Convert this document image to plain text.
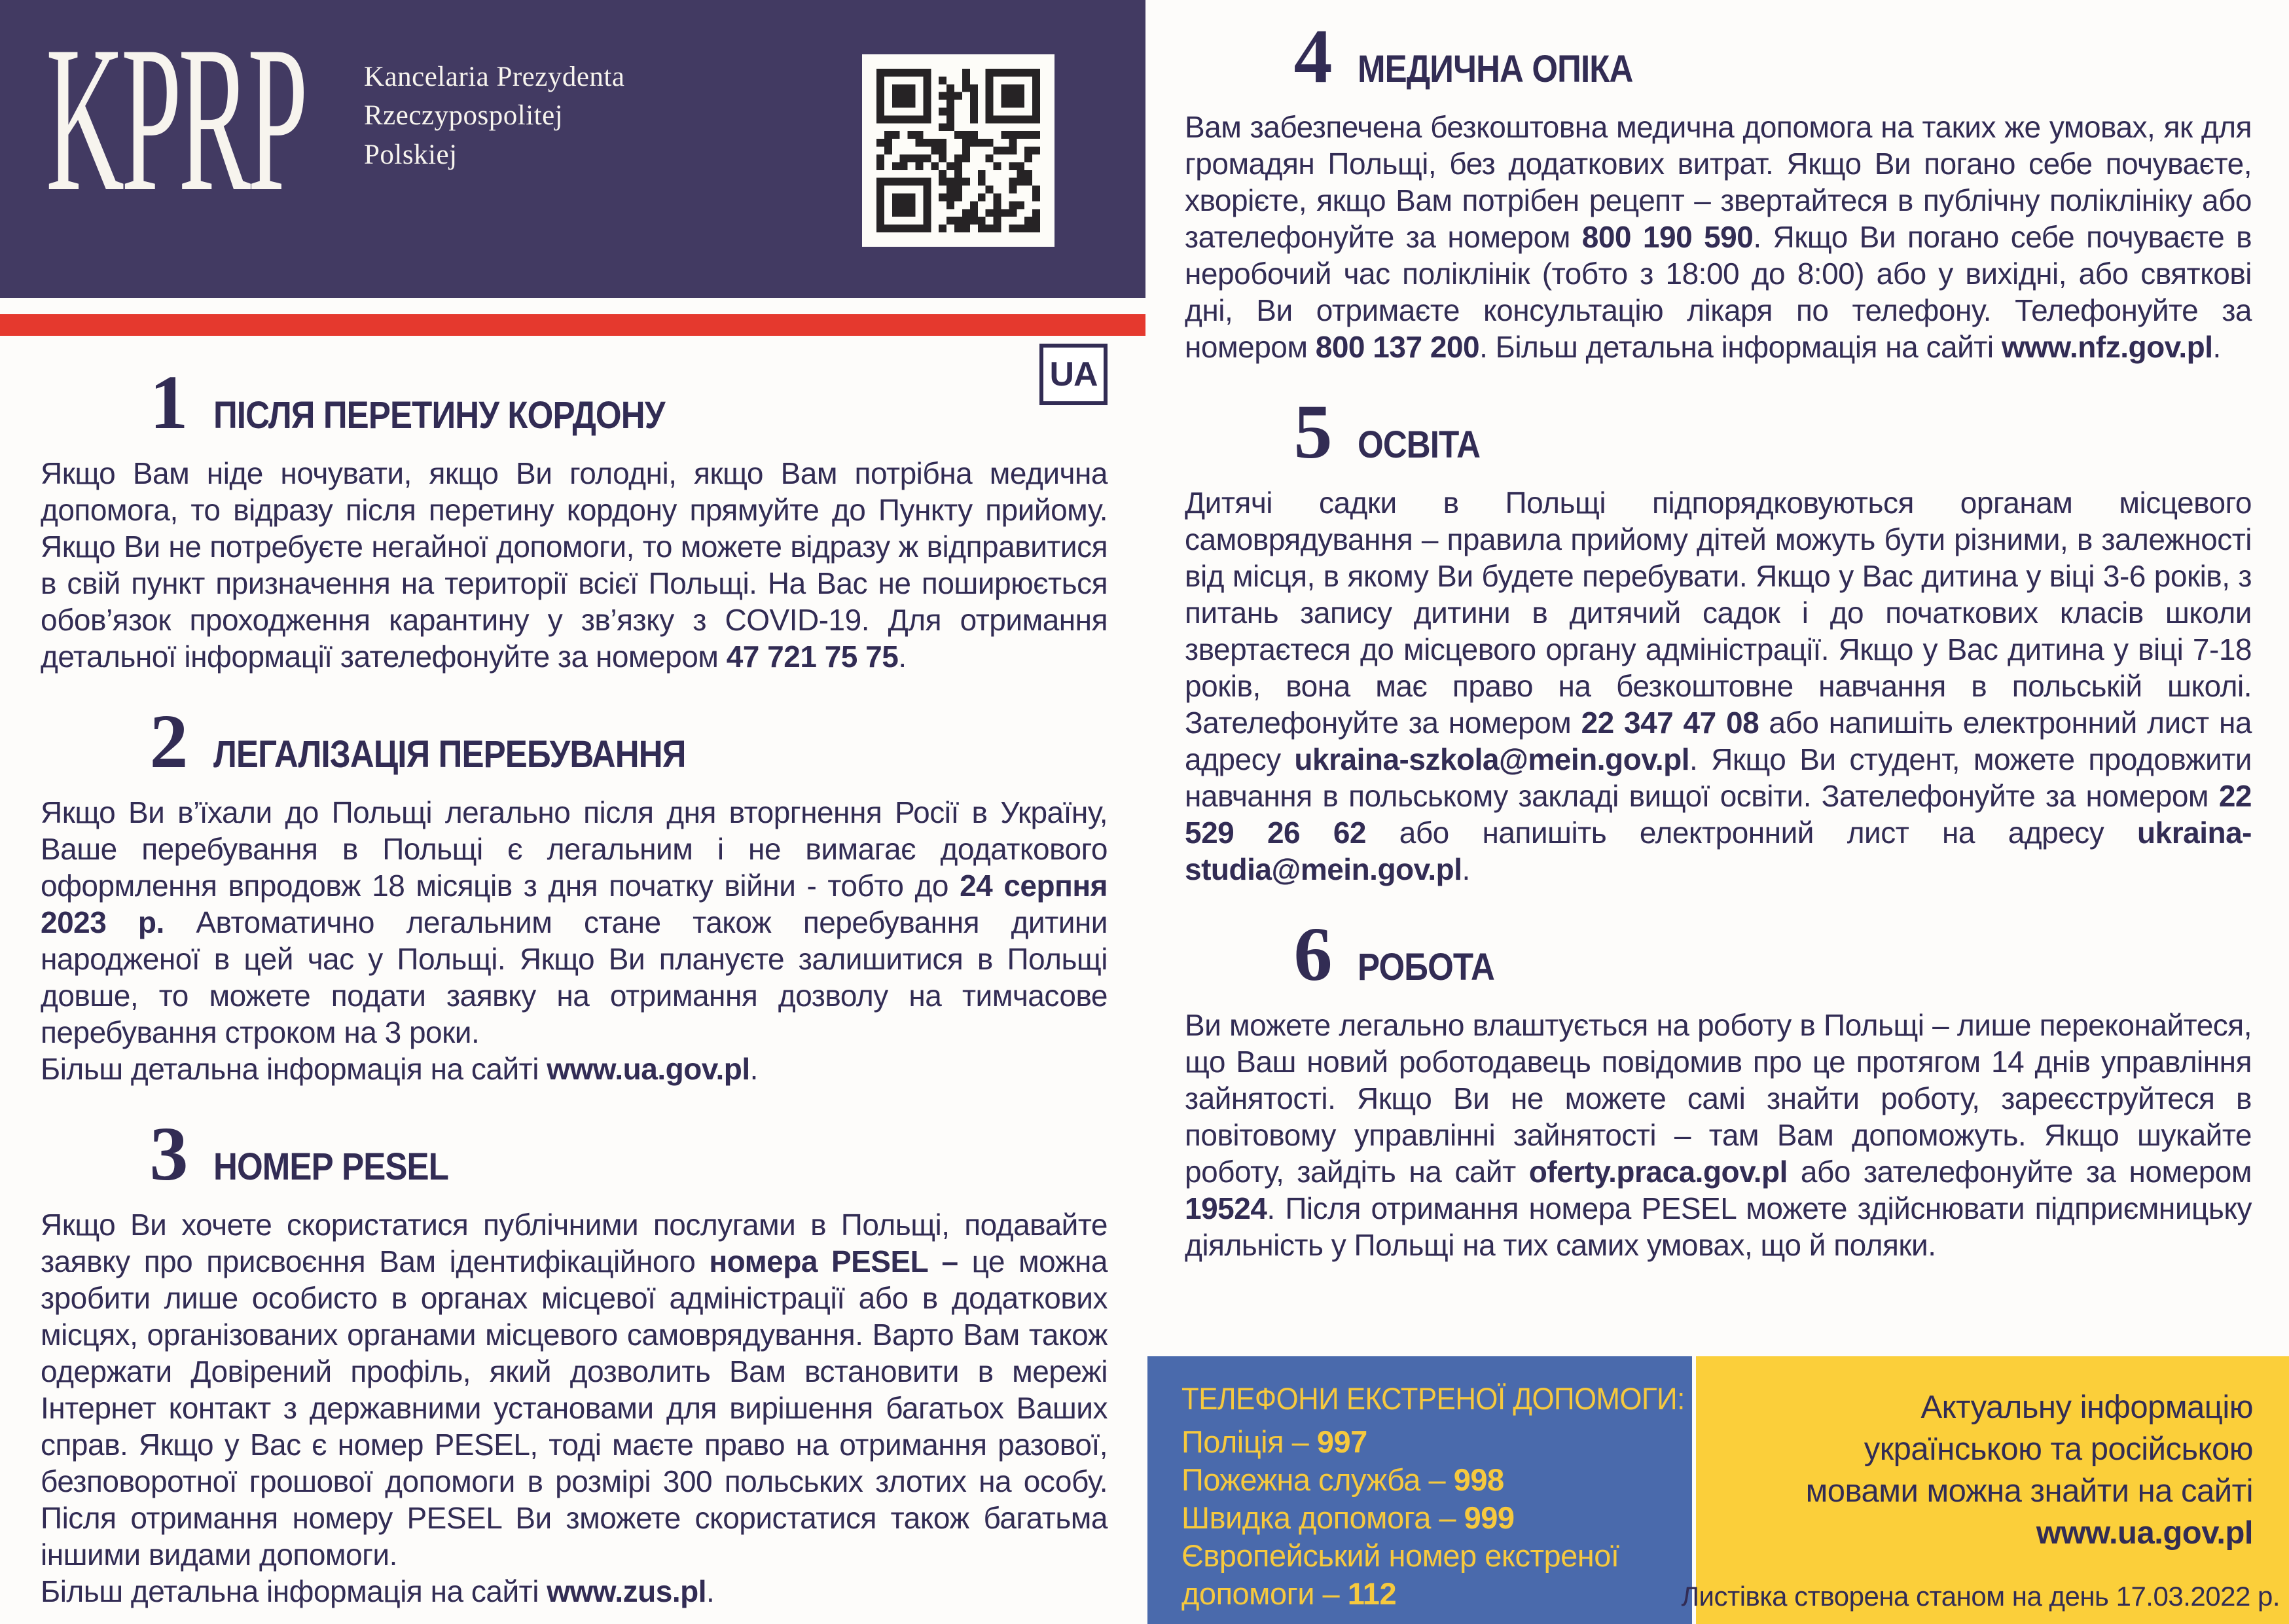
KPRP Kancelaria Prezydenta
Rzeczypospolitej
Polskiej
1 ПІСЛЯ ПЕРЕТИНУ КОРДОНУ
UA

Якщо Вам ніде ночувати, якщо Ви голодні, якщо Вам потрібна медична допомога, то відразу після перетину кордону прямуйте до Пункту прийому. Якщо Ви не потребуєте негайної допомоги, то можете відразу ж відправитися в свій пункт призначення на території всієї Польщі. На Вас не поширюється обов’язок проходження карантину у зв’язку з COVID-19. Для отримання детальної інформації зателефонуйте за номером 47 721 75 75.

2 ЛЕГАЛІЗАЦІЯ ПЕРЕБУВАННЯ

Якщо Ви в’їхали до Польщі легально після дня вторгнення Росії в Україну, Ваше перебування в Польщі є легальним і не вимагає додаткового оформлення впродовж 18 місяців з дня початку війни - тобто до 24 серпня 2023 р. Автоматично легальним стане також перебування дитини народженої в цей час у Польщі. Якщо Ви плануєте залишитися в Польщі довше, то можете подати заявку на отримання дозволу на тимчасове перебування строком на 3 роки.

Більш детальна інформація на сайті www.ua.gov.pl.

3 НОМЕР PESEL

Якщо Ви хочете скористатися публічними послугами в Польщі, подавайте заявку про присвоєння Вам ідентифікаційного номера PESEL – це можна зробити лише особисто в органах місцевої адміністрації або в додаткових місцях, організованих органами місцевого самоврядування. Варто Вам також одержати Довірений профіль, який дозволить Вам встановити в мережі Інтернет контакт з державними установами для вирішення багатьох Ваших справ. Якщо у Вас є номер PESEL, тоді маєте право на отримання разової, безповоротної грошової допомоги в розмірі 300 польських злотих на особу. Після отримання номеру PESEL Ви зможете скористатися також багатьма іншими видами допомоги.

Більш детальна інформація на сайті www.zus.pl.

4 МЕДИЧНА ОПІКА

Вам забезпечена безкоштовна медична допомога на таких же умовах, як для громадян Польщі, без додаткових витрат. Якщо Ви погано себе почуваєте, хворієте, якщо Вам потрібен рецепт – звертайтеся в публічну поліклініку або зателефонуйте за номером 800 190 590. Якщо Ви погано себе почуваєте в неробочий час поліклінік (тобто з 18:00 до 8:00) або у вихідні, або святкові дні, Ви отримаєте консультацію лікаря по телефону. Телефонуйте за номером 800 137 200. Більш детальна інформація на сайті www.nfz.gov.pl.

5 ОСВІТА

Дитячі садки в Польщі підпорядковуються органам місцевого самоврядування – правила прийому дітей можуть бути різними, в залежності від місця, в якому Ви будете перебувати. Якщо у Вас дитина у віці 3-6 років, з питань запису дитини в дитячий садок і до початкових класів школи звертаєтеся до місцевого органу адміністрації. Якщо у Вас дитина у віці 7-18 років, вона має право на безкоштовне навчання в польській школі. Зателефонуйте за номером 22 347 47 08 або напишіть електронний лист на адресу ukraina-szkola@mein.gov.pl. Якщо Ви студент, можете продовжити навчання в польському закладі вищої освіти. Зателефонуйте за номером 22 529 26 62 або напишіть електронний лист на адресу ukraina-studia@mein.gov.pl.

6 РОБОТА

Ви можете легально влаштується на роботу в Польщі – лише переконайтеся, що Ваш новий роботодавець повідомив про це протягом 14 днів управління зайнятості. Якщо Ви не можете самі знайти роботу, зареєструйтеся в повітовому управлінні зайнятості – там Вам допоможуть. Якщо шукайте роботу, зайдіть на сайт oferty.praca.gov.pl або зателефонуйте за номером 19524. Після отримання номера PESEL можете здійснювати підприємницьку діяльність у Польщі на тих самих умовах, що й поляки.

ТЕЛЕФОНИ ЕКСТРЕНОЇ ДОПОМОГИ:
Поліція – 997
Пожежна служба – 998
Швидка допомога – 999
Європейський номер екстреної допомоги – 112
Актуальну інформацію
українською та російською
мовами можна знайти на сайті
www.ua.gov.pl
Листівка створена станом на день 17.03.2022 р.
